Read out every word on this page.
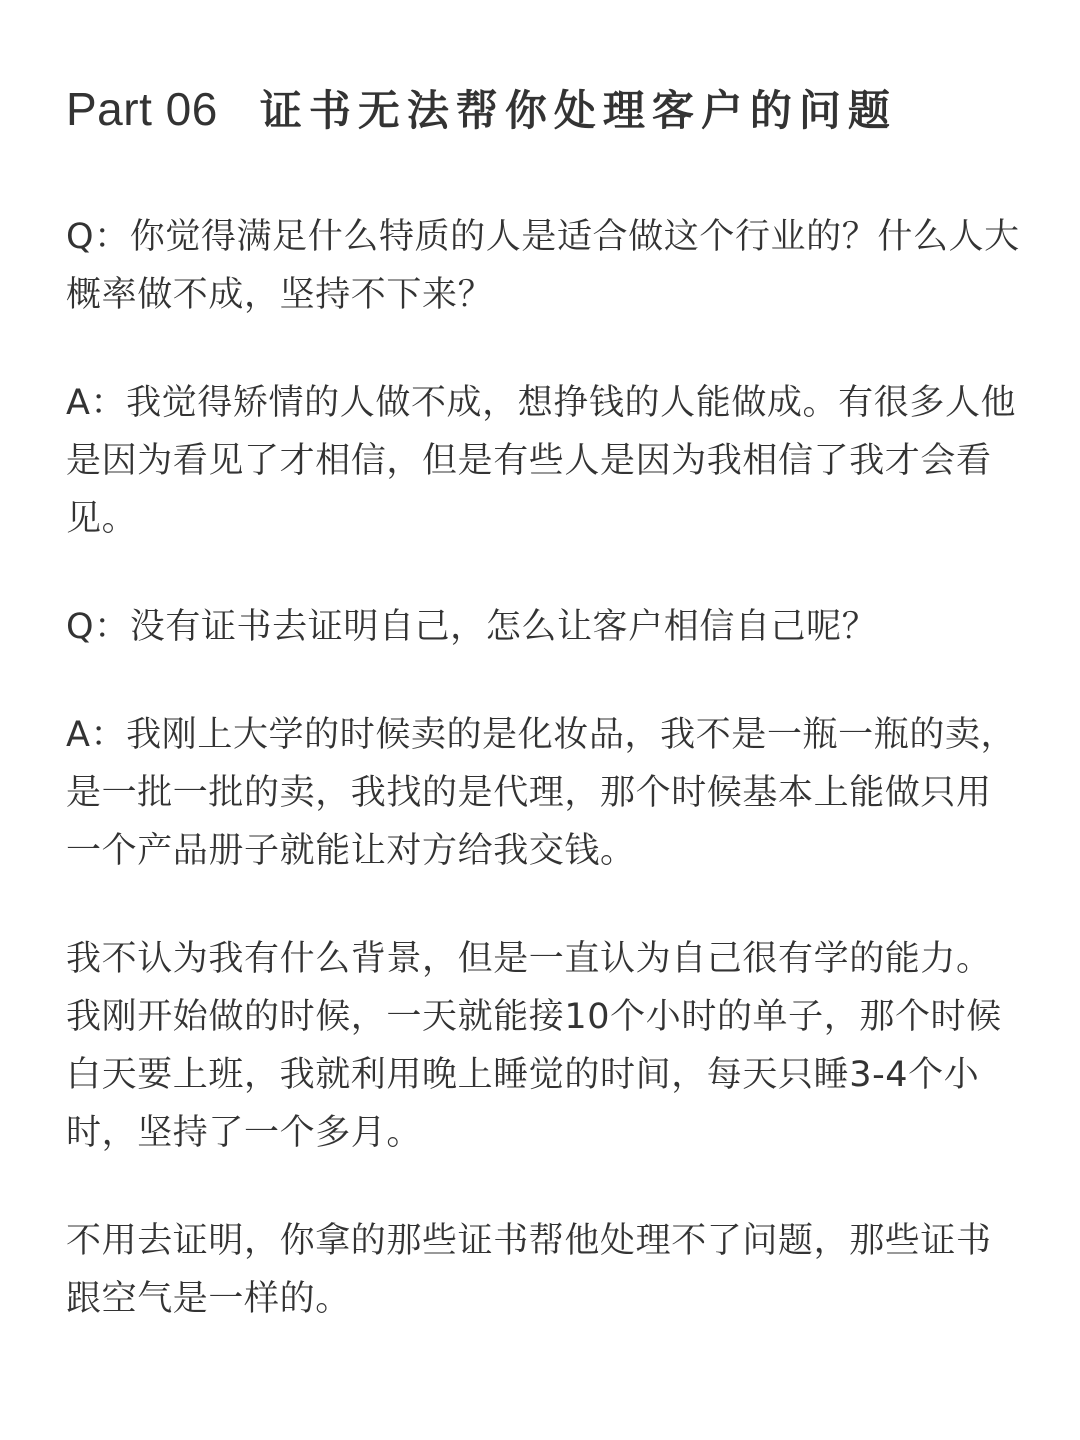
Part 06 证书无法帮你处理客户的问题

Q：你觉得满足什么特质的人是适合做这个行业的？什么人大概率做不成，坚持不下来？

A：我觉得矫情的人做不成，想挣钱的人能做成。有很多人他是因为看见了才相信，但是有些人是因为我相信了我才会看见。

Q：没有证书去证明自己，怎么让客户相信自己呢？

A：我刚上大学的时候卖的是化妆品，我不是一瓶一瓶的卖，是一批一批的卖，我找的是代理，那个时候基本上能做只用一个产品册子就能让对方给我交钱。

我不认为我有什么背景，但是一直认为自己很有学的能力。我刚开始做的时候，一天就能接10个小时的单子，那个时候白天要上班，我就利用晚上睡觉的时间，每天只睡3-4个小时，坚持了一个多月。

不用去证明，你拿的那些证书帮他处理不了问题，那些证书跟空气是一样的。
